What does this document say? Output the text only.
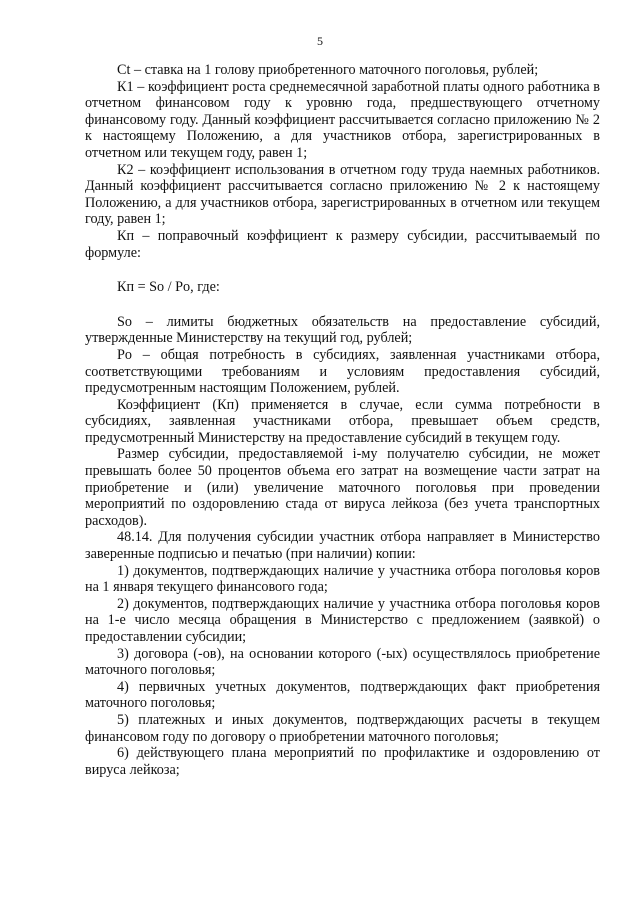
5

Ct – ставка на 1 голову приобретенного маточного поголовья, рублей;

К1 – коэффициент роста среднемесячной заработной платы одного работника в отчетном финансовом году к уровню года, предшествующего отчетному финансовому году. Данный коэффициент рассчитывается согласно приложению № 2 к настоящему Положению, а для участников отбора, зарегистрированных в отчетном или текущем году, равен 1;

К2 – коэффициент использования в отчетном году труда наемных работников. Данный коэффициент рассчитывается согласно приложению № 2 к настоящему Положению, а для участников отбора, зарегистрированных в отчетном или текущем году, равен 1;

Кп – поправочный коэффициент к размеру субсидии, рассчитываемый по формуле:

Кп = So / Po, где:

So – лимиты бюджетных обязательств на предоставление субсидий, утвержденные Министерству на текущий год, рублей;

Po – общая потребность в субсидиях, заявленная участниками отбора, соответствующими требованиям и условиям предоставления субсидий, предусмотренным настоящим Положением, рублей.

Коэффициент (Кп) применяется в случае, если сумма потребности в субсидиях, заявленная участниками отбора, превышает объем средств, предусмотренный Министерству на предоставление субсидий в текущем году.

Размер субсидии, предоставляемой i-му получателю субсидии, не может превышать более 50 процентов объема его затрат на возмещение части затрат на приобретение и (или) увеличение маточного поголовья при проведении мероприятий по оздоровлению стада от вируса лейкоза (без учета транспортных расходов).

48.14. Для получения субсидии участник отбора направляет в Министерство заверенные подписью и печатью (при наличии) копии:

1) документов, подтверждающих наличие у участника отбора поголовья коров на 1 января текущего финансового года;

2) документов, подтверждающих наличие у участника отбора поголовья коров на 1-е число месяца обращения в Министерство с предложением (заявкой) о предоставлении субсидии;

3) договора (-ов), на основании которого (-ых) осуществлялось приобретение маточного поголовья;

4) первичных учетных документов, подтверждающих факт приобретения маточного поголовья;

5) платежных и иных документов, подтверждающих расчеты в текущем финансовом году по договору о приобретении маточного поголовья;

6) действующего плана мероприятий по профилактике и оздоровлению от вируса лейкоза;
